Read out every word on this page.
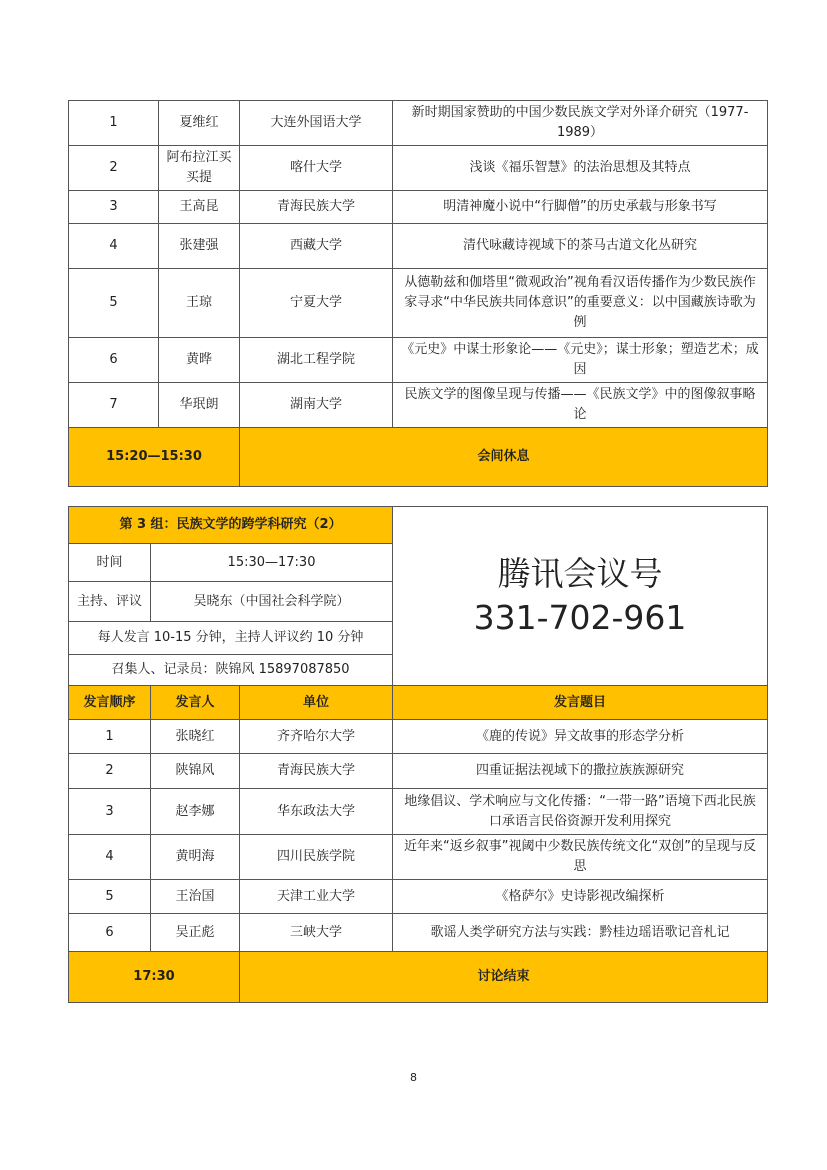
1	夏维红	大连外国语大学	新时期国家赞助的中国少数民族文学对外译介研究（1977-1989）
2	阿布拉江买买提	喀什大学	浅谈《福乐智慧》的法治思想及其特点
3	王高昆	青海民族大学	明清神魔小说中“行脚僧”的历史承载与形象书写
4	张建强	西藏大学	清代咏藏诗视域下的茶马古道文化丛研究
5	王琼	宁夏大学	从德勒兹和伽塔里“微观政治”视角看汉语传播作为少数民族作家寻求“中华民族共同体意识”的重要意义：以中国藏族诗歌为例
6	黄晔	湖北工程学院	《元史》中谋士形象论——《元史》；谋士形象；塑造艺术；成因
7	华珉朗	湖南大学	民族文学的图像呈现与传播——《民族文学》中的图像叙事略论
15:20—15:30		会间休息	
第 3 组：民族文学的跨学科研究（2）			腾讯会议号
331-702-961

时间	15:30—17:30		
主持、评议	吴晓东（中国社会科学院）		
每人发言 10-15 分钟，主持人评议约 10 分钟			
召集人、记录员：陕锦风 15897087850			
发言顺序	发言人	单位	发言题目
1	张晓红	齐齐哈尔大学	《鹿的传说》异文故事的形态学分析
2	陕锦风	青海民族大学	四重证据法视域下的撒拉族族源研究
3	赵李娜	华东政法大学	地缘倡议、学术响应与文化传播：“一带一路”语境下西北民族口承语言民俗资源开发利用探究
4	黄明海	四川民族学院	近年来“返乡叙事”视阈中少数民族传统文化“双创”的呈现与反思
5	王治国	天津工业大学	《格萨尔》史诗影视改编探析
6	吴正彪	三峡大学	歌谣人类学研究方法与实践：黔桂边瑶语歌记音札记
17:30		讨论结束	
8
